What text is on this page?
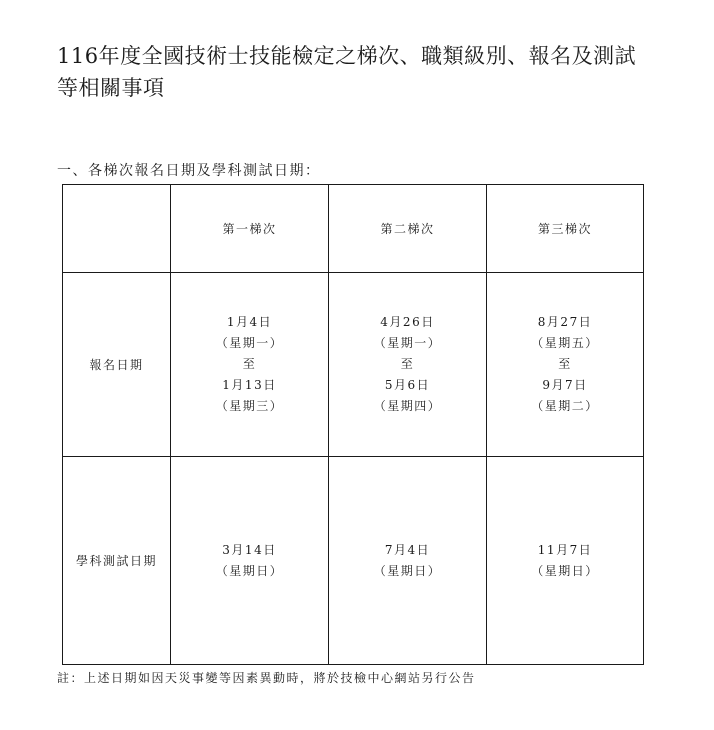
116年度全國技術士技能檢定之梯次、職類級別、報名及測試等相關事項
一、各梯次報名日期及學科測試日期：
	第一梯次	第二梯次	第三梯次
報名日期	1月4日
（星期一）
至
1月13日
（星期三）	4月26日
（星期一）
至
5月6日
（星期四）	8月27日
（星期五）
至
9月7日
（星期二）

學科測試日期	3月14日
（星期日）	7月4日
（星期日）	11月7日
（星期日）

註：上述日期如因天災事變等因素異動時，將於技檢中心網站另行公告
